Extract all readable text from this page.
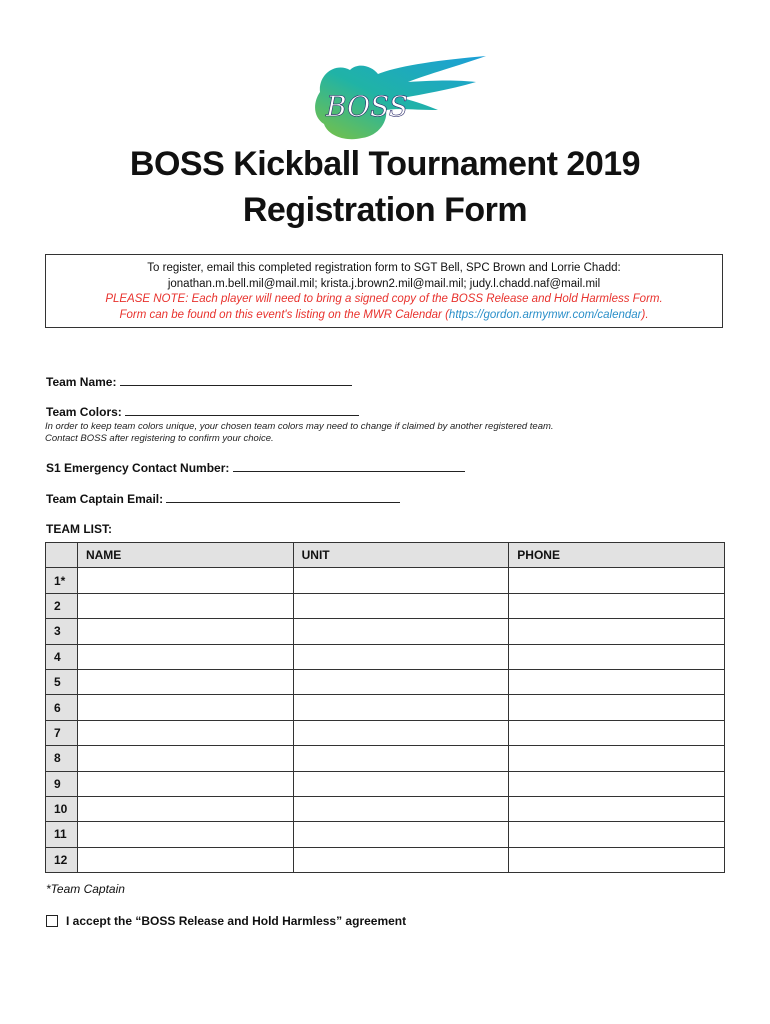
BOSS
BOSS Kickball Tournament 2019
Registration Form
To register, email this completed registration form to SGT Bell, SPC Brown and Lorrie Chadd:
jonathan.m.bell.mil@mail.mil; krista.j.brown2.mil@mail.mil; judy.l.chadd.naf@mail.mil
PLEASE NOTE: Each player will need to bring a signed copy of the BOSS Release and Hold Harmless Form.
Form can be found on this event's listing on the MWR Calendar (https://gordon.armymwr.com/calendar).
Team Name:
Team Colors:
In order to keep team colors unique, your chosen team colors may need to change if claimed by another registered team.
Contact BOSS after registering to confirm your choice.
S1 Emergency Contact Number:
Team Captain Email:
TEAM LIST:
	NAME	UNIT	PHONE
1*			
2			
3			
4			
5			
6			
7			
8			
9			
10			
11			
12			
*Team Captain
I accept the “BOSS Release and Hold Harmless” agreement
